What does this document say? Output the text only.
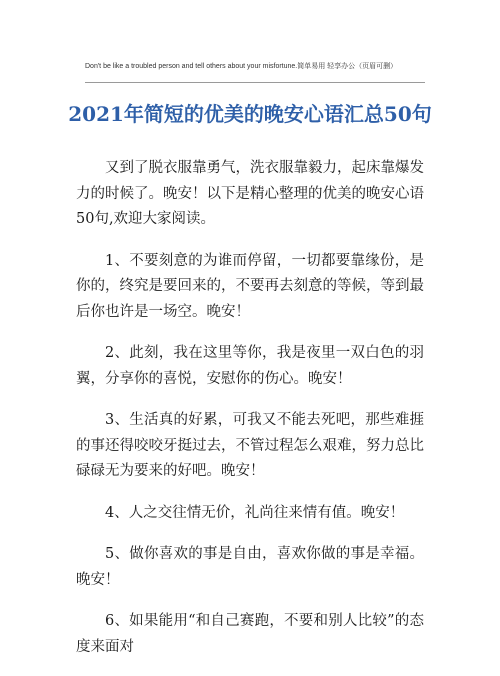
Don't be like a troubled person and tell others about your misfortune.简单易用 轻享办公（页眉可删）
2021年简短的优美的晚安心语汇总50句

又到了脱衣服靠勇气，洗衣服靠毅力，起床靠爆发力的时候了。晚安！以下是精心整理的优美的晚安心语50句,欢迎大家阅读。

1、不要刻意的为谁而停留，一切都要靠缘份，是你的，终究是要回来的，不要再去刻意的等候，等到最后你也许是一场空。晚安！

2、此刻，我在这里等你，我是夜里一双白色的羽翼，分享你的喜悦，安慰你的伤心。晚安！

3、生活真的好累，可我又不能去死吧，那些难捱的事还得咬咬牙挺过去，不管过程怎么艰难，努力总比碌碌无为要来的好吧。晚安！

4、人之交往情无价，礼尚往来情有值。晚安！

5、做你喜欢的事是自由，喜欢你做的事是幸福。晚安！

6、如果能用“和自己赛跑，不要和别人比较”的态度来面对
